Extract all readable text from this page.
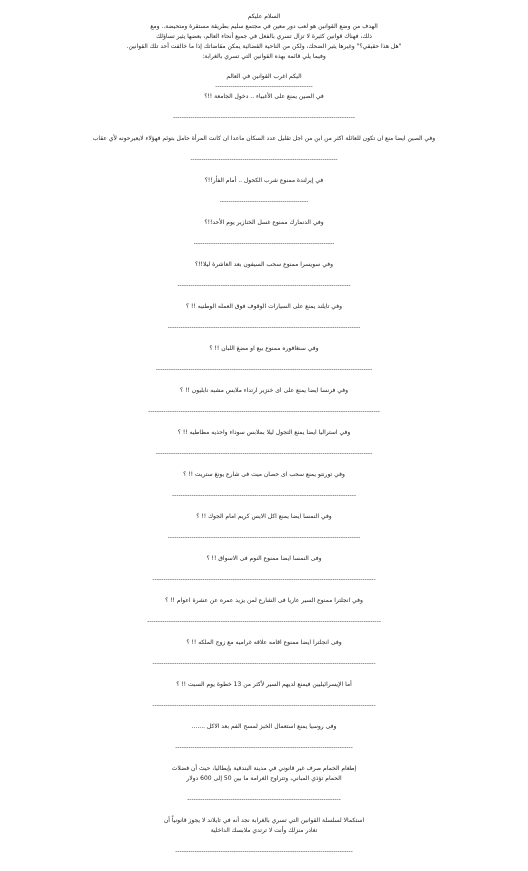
السلام عليكم

الهدف من وضع القوانين هو لعب دور معين في مجتمع سليم بطريقة مستقرة ومتحيضة.. ومع

ذلك، فهناك قوانين كثيرة لا تزال تسري بالفعل في جميع أنحاء العالم، بعضها يثير تساؤلك

"هل هذا حقيقي؟" وغيرها يثير الضحك، ولكن من الناحية القضائية يمكن مقاضاتك إذا ما خالفت أحد تلك القوانين.

وفيما يلي قائمة بهذه القوانين التي تسري بالغرابة:

اليكم اغرب القوانين في العالم

---------------------------------------------

في الصين يمنع على الأغبياء .. دخول الجامعة !!؟

------------------------------------------------------------------------------------

وفي الصين ايضا منع ان تكون للعائلة اكثر من ابن من اجل تقليل عدد السكان ماعدا ان كانت المرأة حامل بتوئم فهؤلاء لايعيرحونه لأي عقاب

--------------------------------------------------------------------

في إيرلندة ممنوع شرب الكحول .. أمام الفأر!!؟

-----------------------------------------

وفي الدنمارك ممنوع غسل الخنازير يوم الأحد!!؟

-----------------------------------------------------------------

وفي سويسرا ممنوع سحب السيفون بعد العاشرة ليلا!!؟

--------------------------------------------------------------------------------

وفي تايلند يمنع على السيارات الوقوف فوق العمله الوطنيه !! ؟

-----------------------------------------------------------------------------------------

وفي سنغافوره ممنوع بيع او مضغ اللبان !! ؟

----------------------------------------------------------------------------------------------------

وفي فرنسا ايضا يمنع على اى خنزير ارتداء ملابس مشبه نابليون !! ؟

-----------------------------------------------------------------------------------------------------------

وفي استراليا ايضا يمنع التجول ليلا بملابس سوداء واحذيه مطاطيه !! ؟

----------------------------------------------------------------------------------------------------

وفي تورنتو يمنع سحب اى حصان ميت فى شارع يونغ ستريت !! ؟

-------------------------------------------------------------------------------------

وفي النمسا ايضا يمنع اكل الايس كريم امام الجوك !! ؟

-----------------------------------------------------------------------------------------

وفى النمسا ايضا ممنوع النوم فى الاسواق !! ؟

-------------------------------------------------------------------------------------------------------

وفي انجلترا ممنوع السير عاريا فى الشارع لمن يزيد عمره عن عشرة اعوام !! ؟

------------------------------------------------------------------------------------------------------------

وفى انجلترا ايضا ممنوع اقامه علاقه غراميه مع زوج الملكه !! ؟

-------------------------------------------------------------------------------------------------------

أما الإيسرائيليين فيمنع لديهم السير لأكثر من 13 خطوة يوم السبت !! ؟

-------------------------------------------------------------------------------------------------------

وفى روسيا يمنع استعمال الخبز لمسح الفم بعد الاكل .......

----------------------------------------------------------------------------------

إطعام الحمام صرف غير قانوني في مدينة البندقية بإيطاليا، حيث أن فضلات

الحمام تؤذي المباني، وتتراوح الغرامة ما بين 50 إلى 600 دولار

-----------------------------------------------------------------------

استكمالا لسلسلة القوانين التي تسري بالغرابة نجد أنه في تايلاند لا يجوز قانونياً أن

تغادر منزلك وأنت لا ترتدي ملابسك الداخلية

----------------------------------------------------------------------------------
